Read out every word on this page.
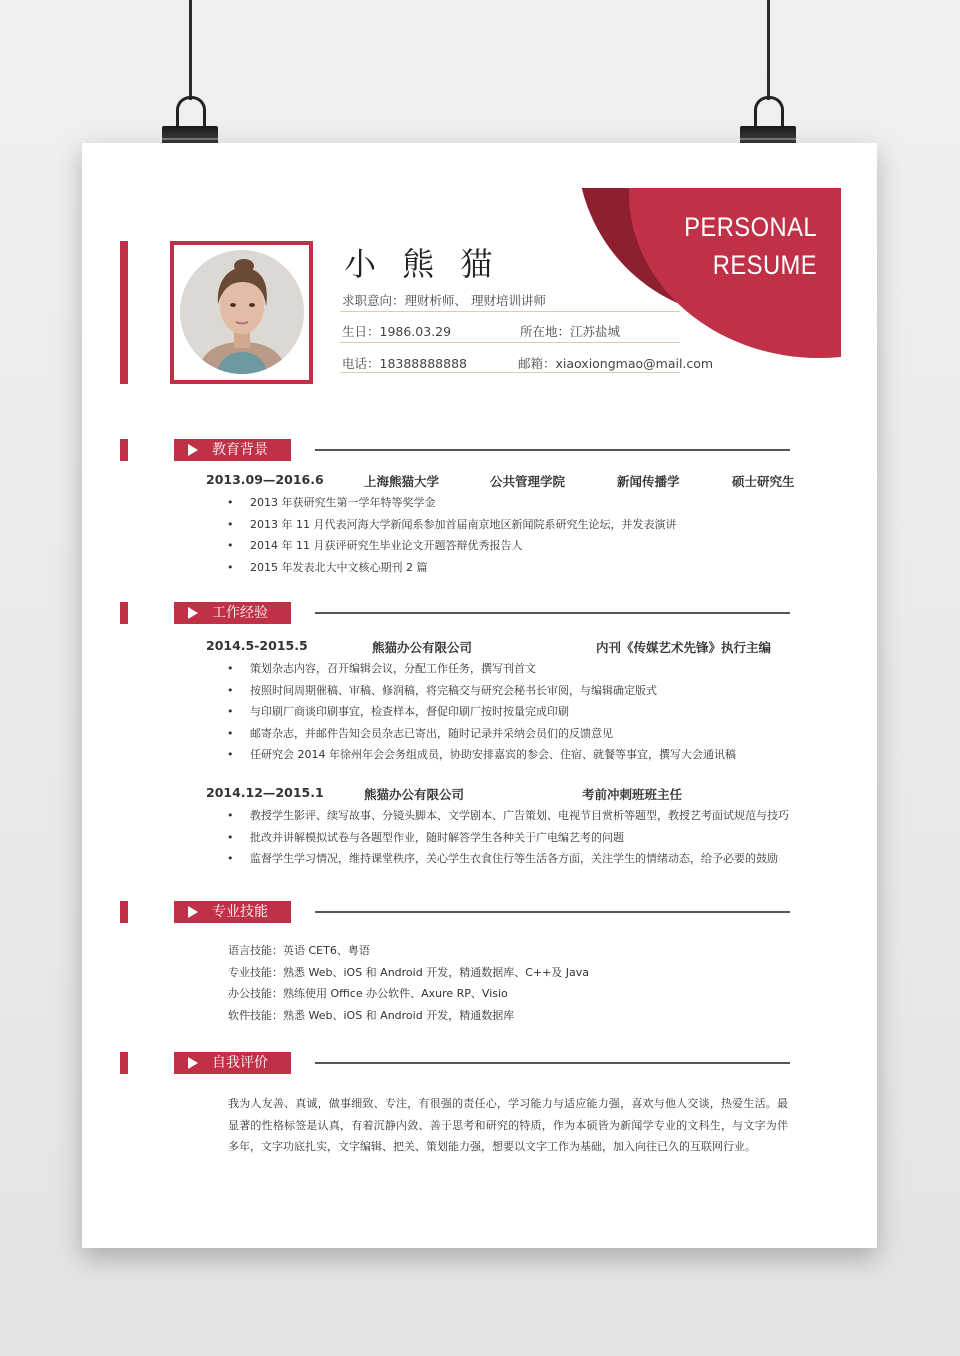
PERSONAL
RESUME
小 熊 猫
求职意向：理财析师、 理财培训讲师
生日：1986.03.29	所在地：江苏盐城
电话：18388888888	邮箱：xiaoxiongmao@mail.com
教育背景
2013.09—2016.6	上海熊猫大学	公共管理学院	新闻传播学	硕士研究生
• 2013 年获研究生第一学年特等奖学金
• 2013 年 11 月代表河海大学新闻系参加首届南京地区新闻院系研究生论坛，并发表演讲
• 2014 年 11 月获评研究生毕业论文开题答辩优秀报告人
• 2015 年发表北大中文核心期刊 2 篇
工作经验
2014.5-2015.5	熊猫办公有限公司	内刊《传媒艺术先锋》执行主编
• 策划杂志内容，召开编辑会议，分配工作任务，撰写刊首文
• 按照时间周期催稿、审稿、修润稿，将完稿交与研究会秘书长审阅，与编辑确定版式
• 与印刷厂商谈印刷事宜，检查样本，督促印刷厂按时按量完成印刷
• 邮寄杂志，并邮件告知会员杂志已寄出，随时记录并采纳会员们的反馈意见
• 任研究会 2014 年徐州年会会务组成员，协助安排嘉宾的参会、住宿、就餐等事宜，撰写大会通讯稿
2014.12—2015.1	熊猫办公有限公司	考前冲刺班班主任
• 教授学生影评、续写故事、分镜头脚本、文学剧本、广告策划、电视节目赏析等题型，教授艺考面试规范与技巧
• 批改并讲解模拟试卷与各题型作业，随时解答学生各种关于广电编艺考的问题
• 监督学生学习情况，维持课堂秩序，关心学生衣食住行等生活各方面，关注学生的情绪动态，给予必要的鼓励
专业技能
语言技能：英语 CET6、粤语
专业技能：熟悉 Web、iOS 和 Android 开发，精通数据库、C++及 Java
办公技能：熟练使用 Office 办公软件、Axure RP、Visio
软件技能：熟悉 Web、iOS 和 Android 开发，精通数据库
自我评价
我为人友善、真诚，做事细致、专注，有很强的责任心，学习能力与适应能力强，喜欢与他人交谈，热爱生活。最显著的性格标签是认真，有着沉静内敛、善于思考和研究的特质，作为本硕皆为新闻学专业的文科生，与文字为伴多年，文字功底扎实，文字编辑、把关、策划能力强，想要以文字工作为基础，加入向往已久的互联网行业。
